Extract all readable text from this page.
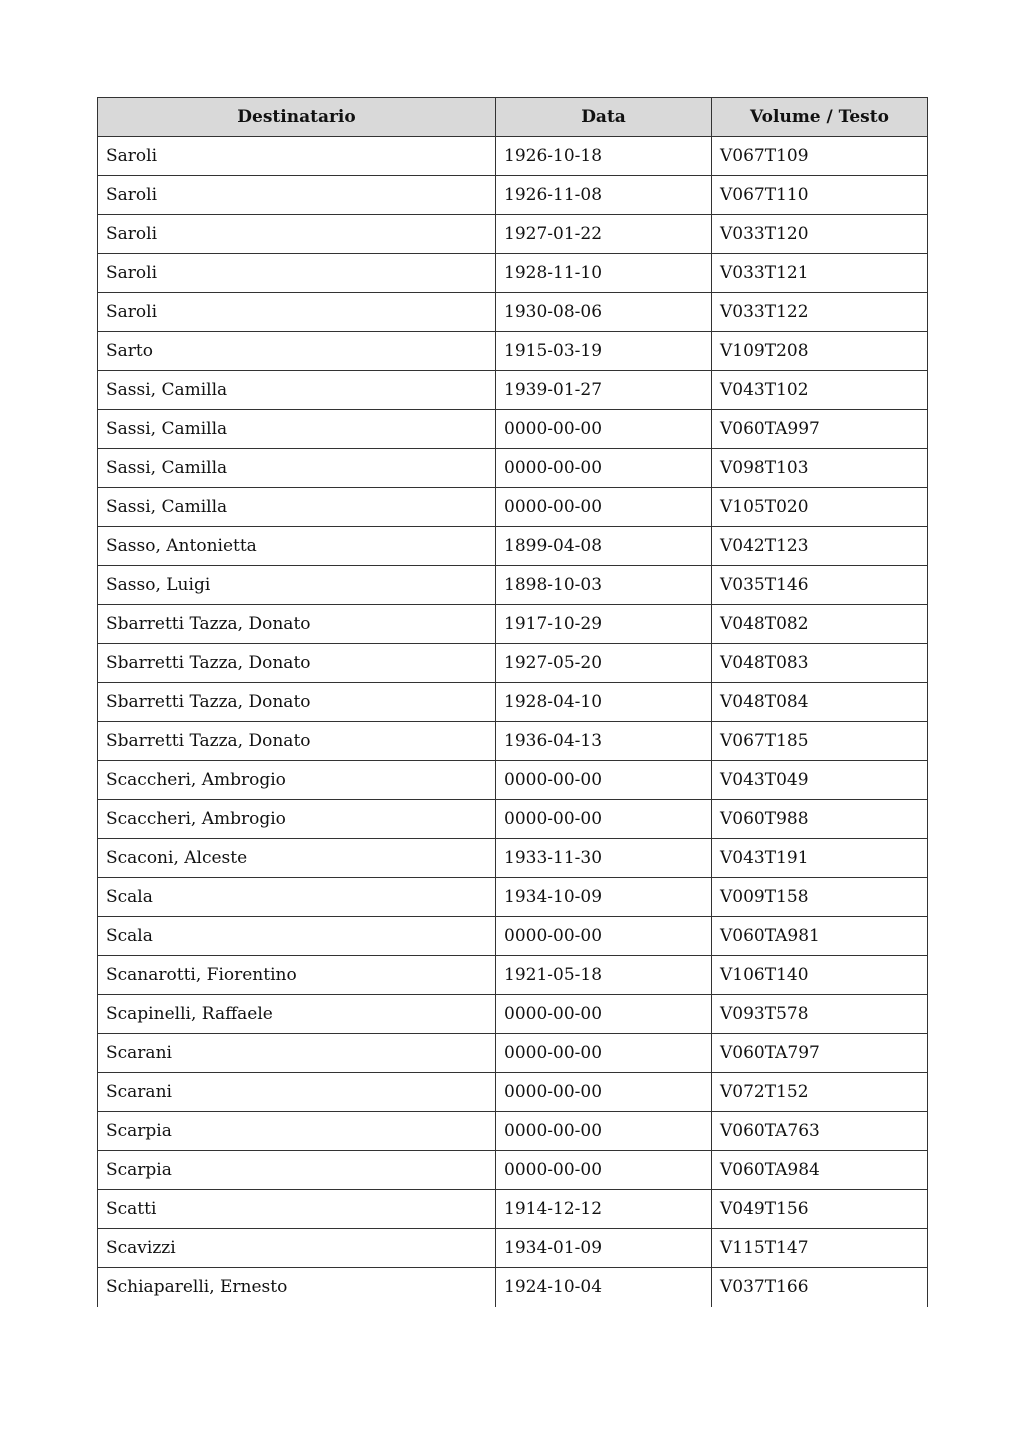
Destinatario	Data	Volume / Testo
Saroli	1926-10-18	V067T109
Saroli	1926-11-08	V067T110
Saroli	1927-01-22	V033T120
Saroli	1928-11-10	V033T121
Saroli	1930-08-06	V033T122
Sarto	1915-03-19	V109T208
Sassi, Camilla	1939-01-27	V043T102
Sassi, Camilla	0000-00-00	V060TA997
Sassi, Camilla	0000-00-00	V098T103
Sassi, Camilla	0000-00-00	V105T020
Sasso, Antonietta	1899-04-08	V042T123
Sasso, Luigi	1898-10-03	V035T146
Sbarretti Tazza, Donato	1917-10-29	V048T082
Sbarretti Tazza, Donato	1927-05-20	V048T083
Sbarretti Tazza, Donato	1928-04-10	V048T084
Sbarretti Tazza, Donato	1936-04-13	V067T185
Scaccheri, Ambrogio	0000-00-00	V043T049
Scaccheri, Ambrogio	0000-00-00	V060T988
Scaconi, Alceste	1933-11-30	V043T191
Scala	1934-10-09	V009T158
Scala	0000-00-00	V060TA981
Scanarotti, Fiorentino	1921-05-18	V106T140
Scapinelli, Raffaele	0000-00-00	V093T578
Scarani	0000-00-00	V060TA797
Scarani	0000-00-00	V072T152
Scarpia	0000-00-00	V060TA763
Scarpia	0000-00-00	V060TA984
Scatti	1914-12-12	V049T156
Scavizzi	1934-01-09	V115T147
Schiaparelli, Ernesto	1924-10-04	V037T166
